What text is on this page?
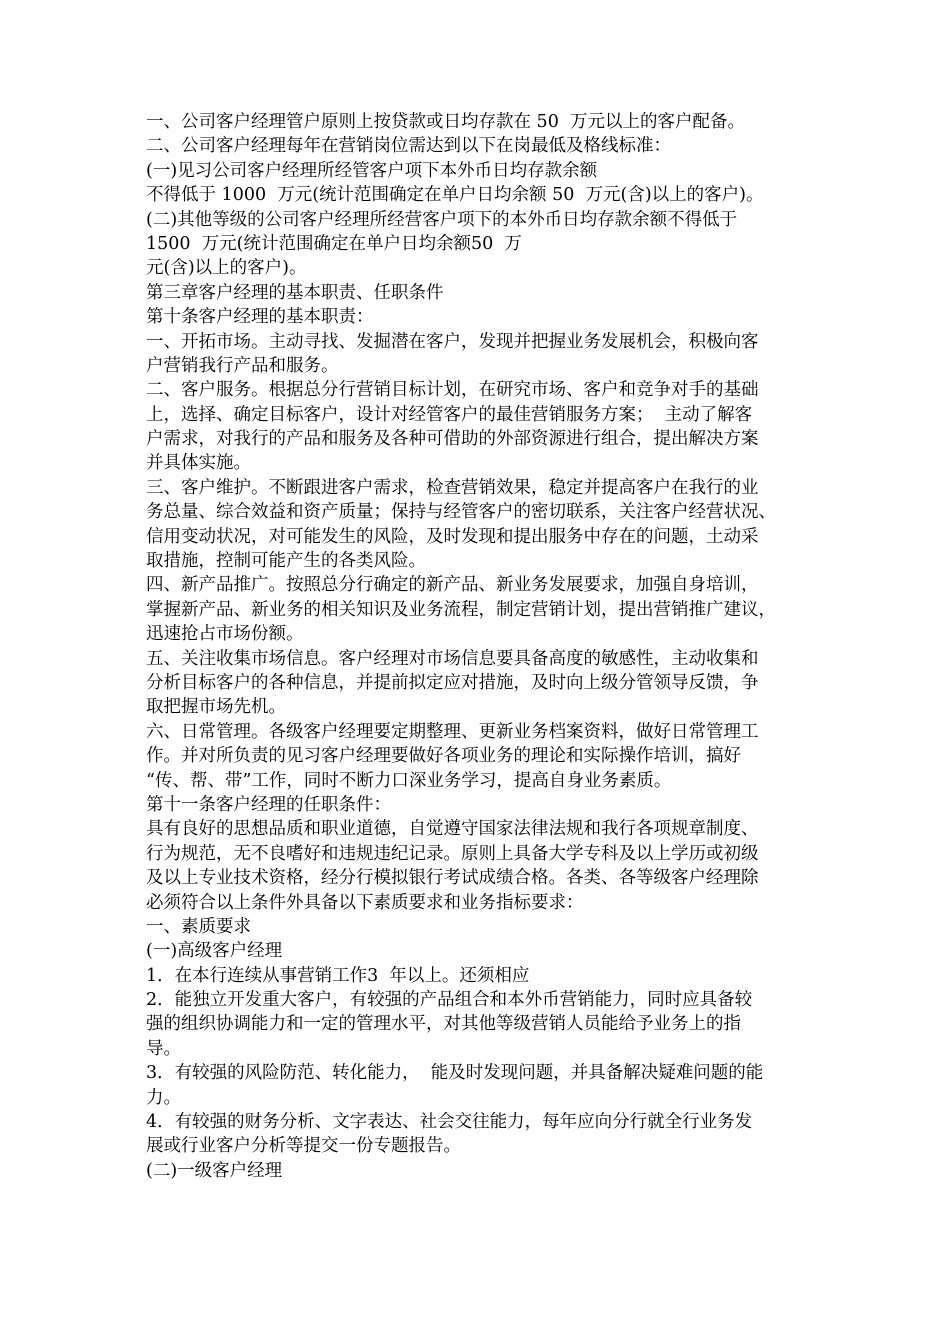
一、公司客户经理管户原则上按贷款或日均存款在 50  万元以上的客户配备。
二、公司客户经理每年在营销岗位需达到以下在岗最低及格线标准：
(一)见习公司客户经理所经管客户项下本外币日均存款余额
不得低于 1000  万元(统计范围确定在单户日均余额 50  万元(含)以上的客户)。
(二)其他等级的公司客户经理所经营客户项下的本外币日均存款余额不得低于
1500  万元(统计范围确定在单户日均余额50  万
元(含)以上的客户)。
第三章客户经理的基本职责、任职条件
第十条客户经理的基本职责：
一、开拓市场。主动寻找、发掘潜在客户，发现并把握业务发展机会，积极向客
户营销我行产品和服务。
二、客户服务。根据总分行营销目标计划，在研究市场、客户和竞争对手的基础
上，选择、确定目标客户，设计对经管客户的最佳营销服务方案；  主动了解客
户需求，对我行的产品和服务及各种可借助的外部资源进行组合，提出解决方案
并具体实施。
三、客户维护。不断跟进客户需求，检查营销效果，稳定并提高客户在我行的业
务总量、综合效益和资产质量；保持与经管客户的密切联系，关注客户经营状况、
信用变动状况，对可能发生的风险，及时发现和提出服务中存在的问题，土动采
取措施，控制可能产生的各类风险。
四、新产品推广。按照总分行确定的新产品、新业务发展要求，加强自身培训，
掌握新产品、新业务的相关知识及业务流程，制定营销计划，提出营销推广建议，
迅速抢占市场份额。
五、关注收集市场信息。客户经理对市场信息要具备高度的敏感性，主动收集和
分析目标客户的各种信息，并提前拟定应对措施，及时向上级分管领导反馈，争
取把握市场先机。
六、日常管理。各级客户经理要定期整理、更新业务档案资料，做好日常管理工
作。并对所负责的见习客户经理要做好各项业务的理论和实际操作培训，搞好
“传、帮、带”工作，同时不断力口深业务学习，提高自身业务素质。
第十一条客户经理的任职条件：
具有良好的思想品质和职业道德，自觉遵守国家法律法规和我行各项规章制度、
行为规范，无不良嗜好和违规违纪记录。原则上具备大学专科及以上学历或初级
及以上专业技术资格，经分行模拟银行考试成绩合格。各类、各等级客户经理除
必须符合以上条件外具备以下素质要求和业务指标要求：
一、素质要求
(一)高级客户经理
1．在本行连续从事营销工作3  年以上。还须相应
2．能独立开发重大客户，有较强的产品组合和本外币营销能力，同时应具备较
强的组织协调能力和一定的管理水平，对其他等级营销人员能给予业务上的指
导。
3．有较强的风险防范、转化能力，  能及时发现问题，并具备解决疑难问题的能
力。
4．有较强的财务分析、文字表达、社会交往能力，每年应向分行就全行业务发
展或行业客户分析等提交一份专题报告。
(二)一级客户经理
